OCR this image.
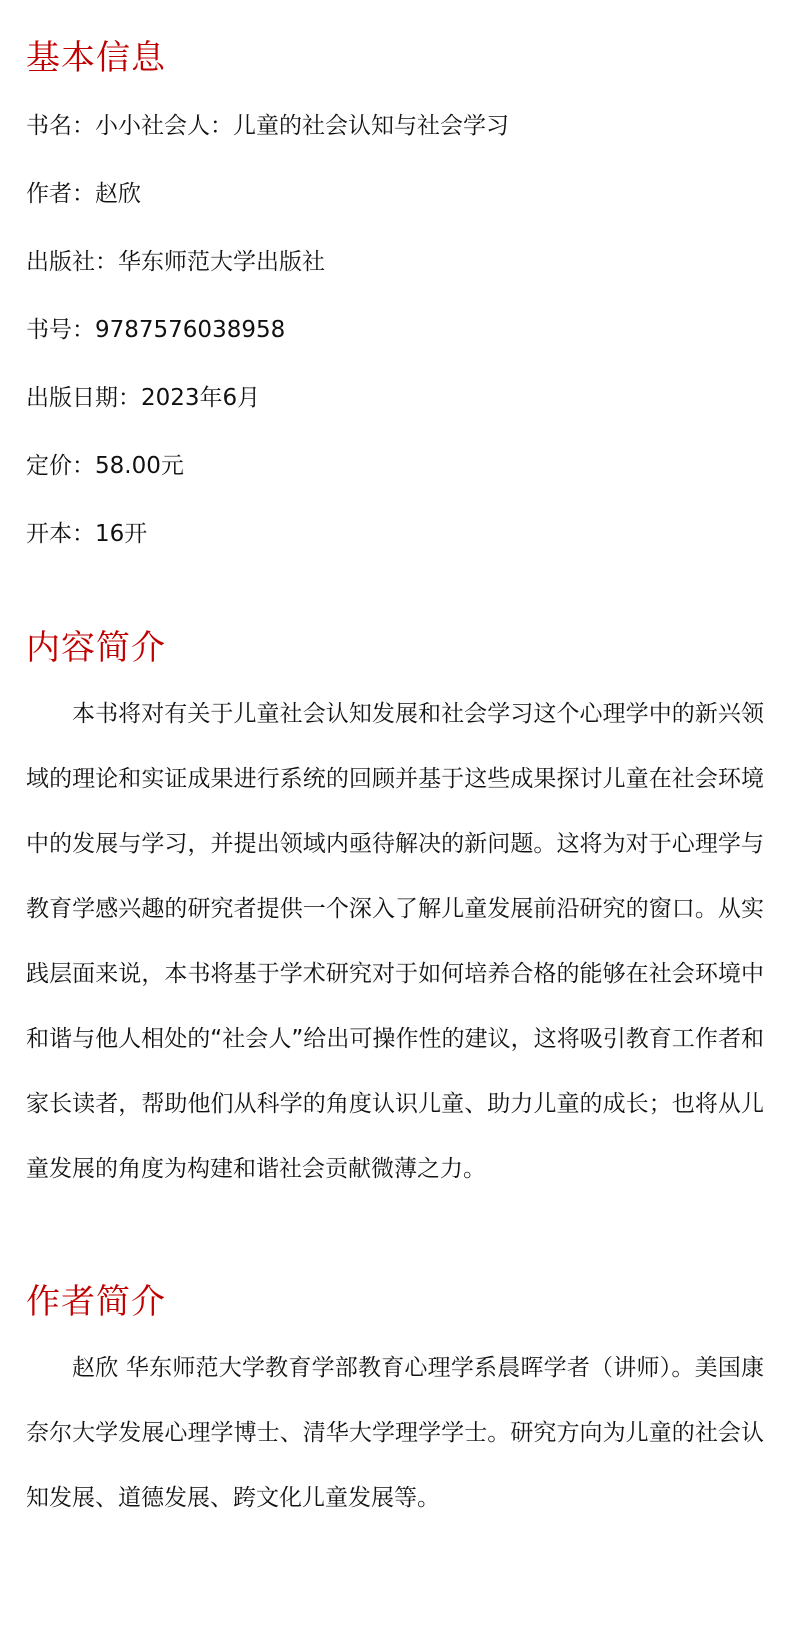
基本信息
书名：小小社会人：儿童的社会认知与社会学习
作者：赵欣
出版社：华东师范大学出版社
书号：9787576038958
出版日期：2023年6月
定价：58.00元
开本：16开
内容简介

本书将对有关于儿童社会认知发展和社会学习这个心理学中的新兴领域的理论和实证成果进行系统的回顾并基于这些成果探讨儿童在社会环境中的发展与学习，并提出领域内亟待解决的新问题。这将为对于心理学与教育学感兴趣的研究者提供一个深入了解儿童发展前沿研究的窗口。从实践层面来说，本书将基于学术研究对于如何培养合格的能够在社会环境中和谐与他人相处的“社会人”给出可操作性的建议，这将吸引教育工作者和家长读者，帮助他们从科学的角度认识儿童、助力儿童的成长；也将从儿童发展的角度为构建和谐社会贡献微薄之力。

作者简介

赵欣 华东师范大学教育学部教育心理学系晨晖学者（讲师）。美国康奈尔大学发展心理学博士、清华大学理学学士。研究方向为儿童的社会认知发展、道德发展、跨文化儿童发展等。
